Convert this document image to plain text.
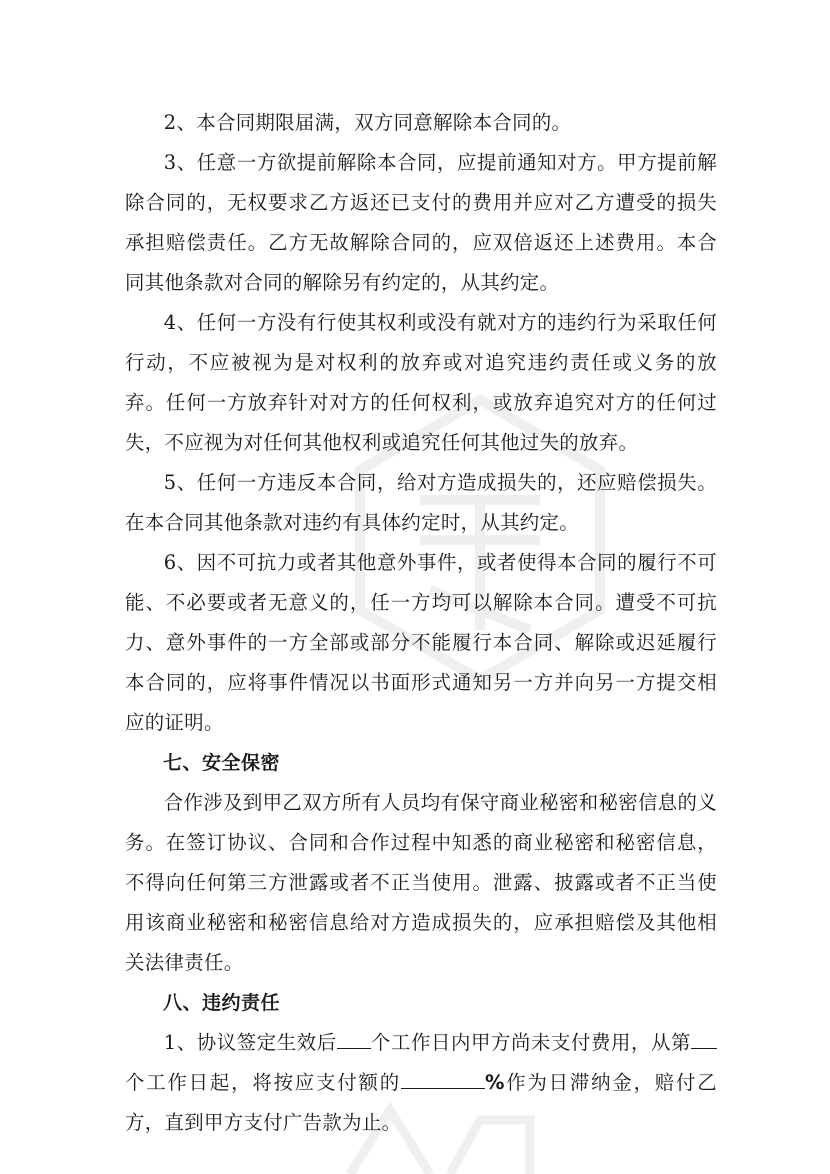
2、本合同期限届满，双方同意解除本合同的。

3、任意一方欲提前解除本合同，应提前通知对方。甲方提前解除合同的，无权要求乙方返还已支付的费用并应对乙方遭受的损失承担赔偿责任。乙方无故解除合同的，应双倍返还上述费用。本合同其他条款对合同的解除另有约定的，从其约定。

4、任何一方没有行使其权利或没有就对方的违约行为采取任何行动，不应被视为是对权利的放弃或对追究违约责任或义务的放弃。任何一方放弃针对对方的任何权利，或放弃追究对方的任何过失，不应视为对任何其他权利或追究任何其他过失的放弃。

5、任何一方违反本合同，给对方造成损失的，还应赔偿损失。在本合同其他条款对违约有具体约定时，从其约定。

6、因不可抗力或者其他意外事件，或者使得本合同的履行不可能、不必要或者无意义的，任一方均可以解除本合同。遭受不可抗力、意外事件的一方全部或部分不能履行本合同、解除或迟延履行本合同的，应将事件情况以书面形式通知另一方并向另一方提交相应的证明。

七、安全保密

合作涉及到甲乙双方所有人员均有保守商业秘密和秘密信息的义务。在签订协议、合同和合作过程中知悉的商业秘密和秘密信息，不得向任何第三方泄露或者不正当使用。泄露、披露或者不正当使用该商业秘密和秘密信息给对方造成损失的，应承担赔偿及其他相关法律责任。

八、违约责任

1、协议签定生效后 个工作日内甲方尚未支付费用，从第个工作日起，将按应支付额的	%作为日滞纳金，赔付乙方，直到甲方支付广告款为止。
